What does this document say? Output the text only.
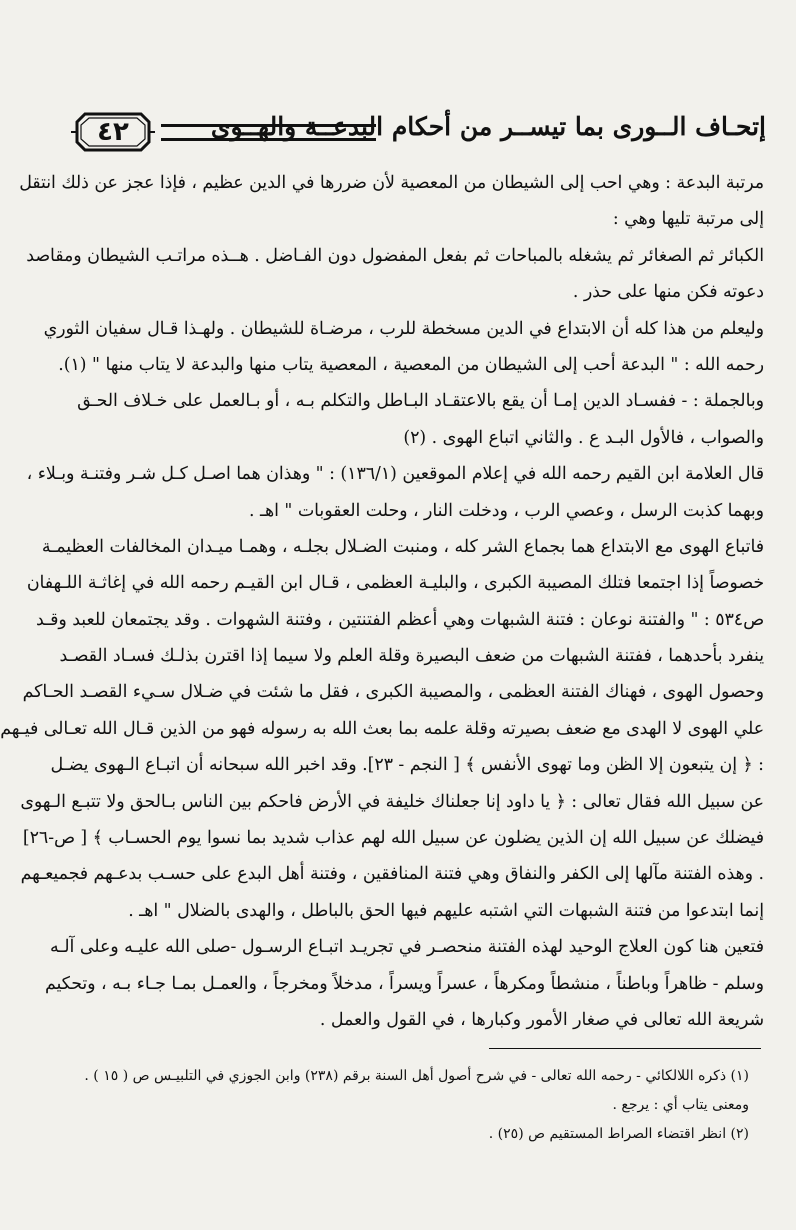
٤٢	إتحـاف الــورى بما تيســر من أحكام البدعــة والهــوى
مرتبة البدعة : وهي احب إلى الشيطان من المعصية لأن ضررها في الدين عظيم ، فإذا عجز عن ذلك انتقل
إلى مرتبة تليها وهي :
الكبائر ثم الصغائر ثم يشغله بالمباحات ثم بفعل المفضول دون الفـاضل . هــذه مراتـب الشيطان ومقاصد
دعوته فكن منها على حذر .
وليعلم من هذا كله أن الابتداع في الدين مسخطة للرب ، مرضـاة للشيطان . ولهـذا قـال سفيان الثوري
رحمه الله : " البدعة أحب إلى الشيطان من المعصية ، المعصية يتاب منها والبدعة لا يتاب منها " (١).
وبالجملة : - ففسـاد الدين إمـا أن يقع بالاعتقـاد البـاطل والتكلم بـه ، أو بـالعمل على خـلاف الحـق
والصواب ، فالأول البـد ع . والثاني اتباع الهوى . (٢)
قال العلامة ابن القيم رحمه الله في إعلام الموقعين (١٣٦/١) : " وهذان هما اصـل كـل شـر وفتنـة وبـلاء ،
وبهما كذبت الرسل ، وعصي الرب ، ودخلت النار ، وحلت العقوبات " اهـ .
فاتباع الهوى مع الابتداع هما بجماع الشر كله ، ومنبت الضـلال بجلـه ، وهمـا ميـدان المخالفات العظيمـة
خصوصاً إذا اجتمعا فتلك المصيبة الكبرى ، والبليـة العظمى ، قـال ابن القيـم رحمه الله في إغاثـة اللـهفان
ص٥٣٤ : " والفتنة نوعان : فتنة الشبهات وهي أعظم الفتنتين ، وفتنة الشهوات . وقد يجتمعان للعبد وقـد
ينفرد بأحدهما ، ففتنة الشبهات من ضعف البصيرة وقلة العلم ولا سيما إذا اقترن بذلـك فسـاد القصـد
وحصول الهوى ، فهناك الفتنة العظمى ، والمصيبة الكبرى ، فقل ما شئت في ضـلال سـيء القصـد الحـاكم
علي الهوى لا الهدى مع ضعف بصيرته وقلة علمه بما بعث الله به رسوله فهو من الذين قـال الله تعـالى فيـهم
: ﴿ إن يتبعون إلا الظن وما تهوى الأنفس ﴾ [ النجم - ٢٣]. وقد اخبر الله سبحانه أن اتبـاع الـهوى يضـل
عن سبيل الله فقال تعالى : ﴿ يا داود إنا جعلناك خليفة في الأرض فاحكم بين الناس بـالحق ولا تتبـع الـهوى
فيضلك عن سبيل الله إن الذين يضلون عن سبيل الله لهم عذاب شديد بما نسوا يوم الحسـاب ﴾ [ ص-٢٦]
. وهذه الفتنة مآلها إلى الكفر والنفاق وهي فتنة المنافقين ، وفتنة أهل البدع على حسـب بدعـهم فجميعـهم
إنما ابتدعوا من فتنة الشبهات التي اشتبه عليهم فيها الحق بالباطل ، والهدى بالضلال " اهـ .
فتعين هنا كون العلاج الوحيد لهذه الفتنة منحصـر في تجريـد اتبـاع الرسـول -صلى الله عليـه وعلى آلـه
وسلم - ظاهراً وباطناً ، منشطاً ومكرهاً ، عسراً ويسراً ، مدخلاً ومخرجاً ، والعمـل بمـا جـاء بـه ، وتحكيم
شريعة الله تعالى في صغار الأمور وكبارها ، في القول والعمل .
(١) ذكره اللالكائي - رحمه الله تعالى - في شرح أصول أهل السنة برقم (٢٣٨) وابن الجوزي في التلبيـس ص ( ١٥ ) .
ومعنى يتاب أي : يرجع .
(٢) انظر اقتضاء الصراط المستقيم ص (٢٥) .
